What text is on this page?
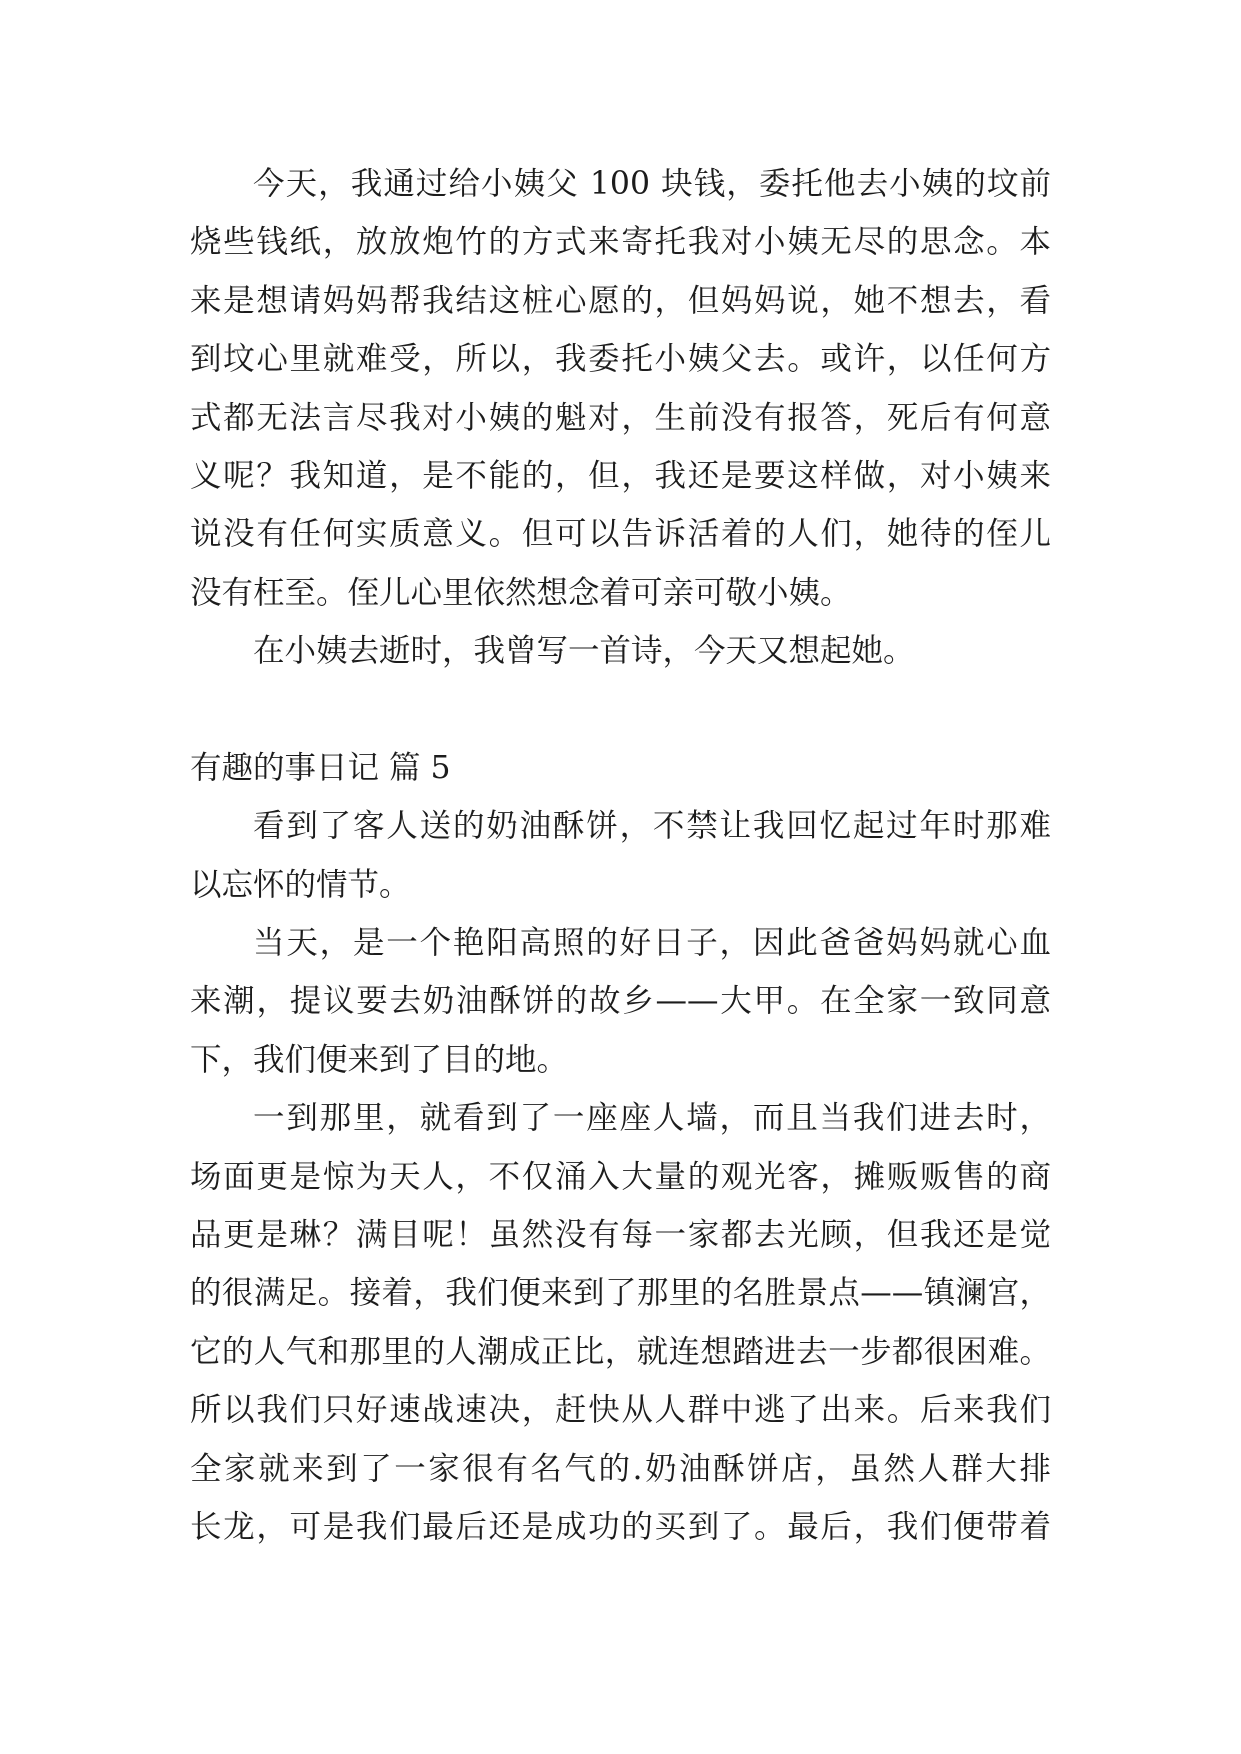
今天，我通过给小姨父 100 块钱，委托他去小姨的坟前
烧些钱纸，放放炮竹的方式来寄托我对小姨无尽的思念。本
来是想请妈妈帮我结这桩心愿的，但妈妈说，她不想去，看
到坟心里就难受，所以，我委托小姨父去。或许，以任何方
式都无法言尽我对小姨的魁对，生前没有报答，死后有何意
义呢？我知道，是不能的，但，我还是要这样做，对小姨来
说没有任何实质意义。但可以告诉活着的人们，她待的侄儿
没有枉至。侄儿心里依然想念着可亲可敬小姨。
在小姨去逝时，我曾写一首诗，今天又想起她。
有趣的事日记 篇 5
看到了客人送的奶油酥饼，不禁让我回忆起过年时那难
以忘怀的情节。
当天，是一个艳阳高照的好日子，因此爸爸妈妈就心血
来潮，提议要去奶油酥饼的故乡——大甲。在全家一致同意
下，我们便来到了目的地。
一到那里，就看到了一座座人墙，而且当我们进去时，
场面更是惊为天人，不仅涌入大量的观光客，摊贩贩售的商
品更是琳？满目呢！虽然没有每一家都去光顾，但我还是觉
的很满足。接着，我们便来到了那里的名胜景点——镇澜宫，
它的人气和那里的人潮成正比，就连想踏进去一步都很困难。
所以我们只好速战速决，赶快从人群中逃了出来。后来我们
全家就来到了一家很有名气的.奶油酥饼店，虽然人群大排
长龙，可是我们最后还是成功的买到了。最后，我们便带着
